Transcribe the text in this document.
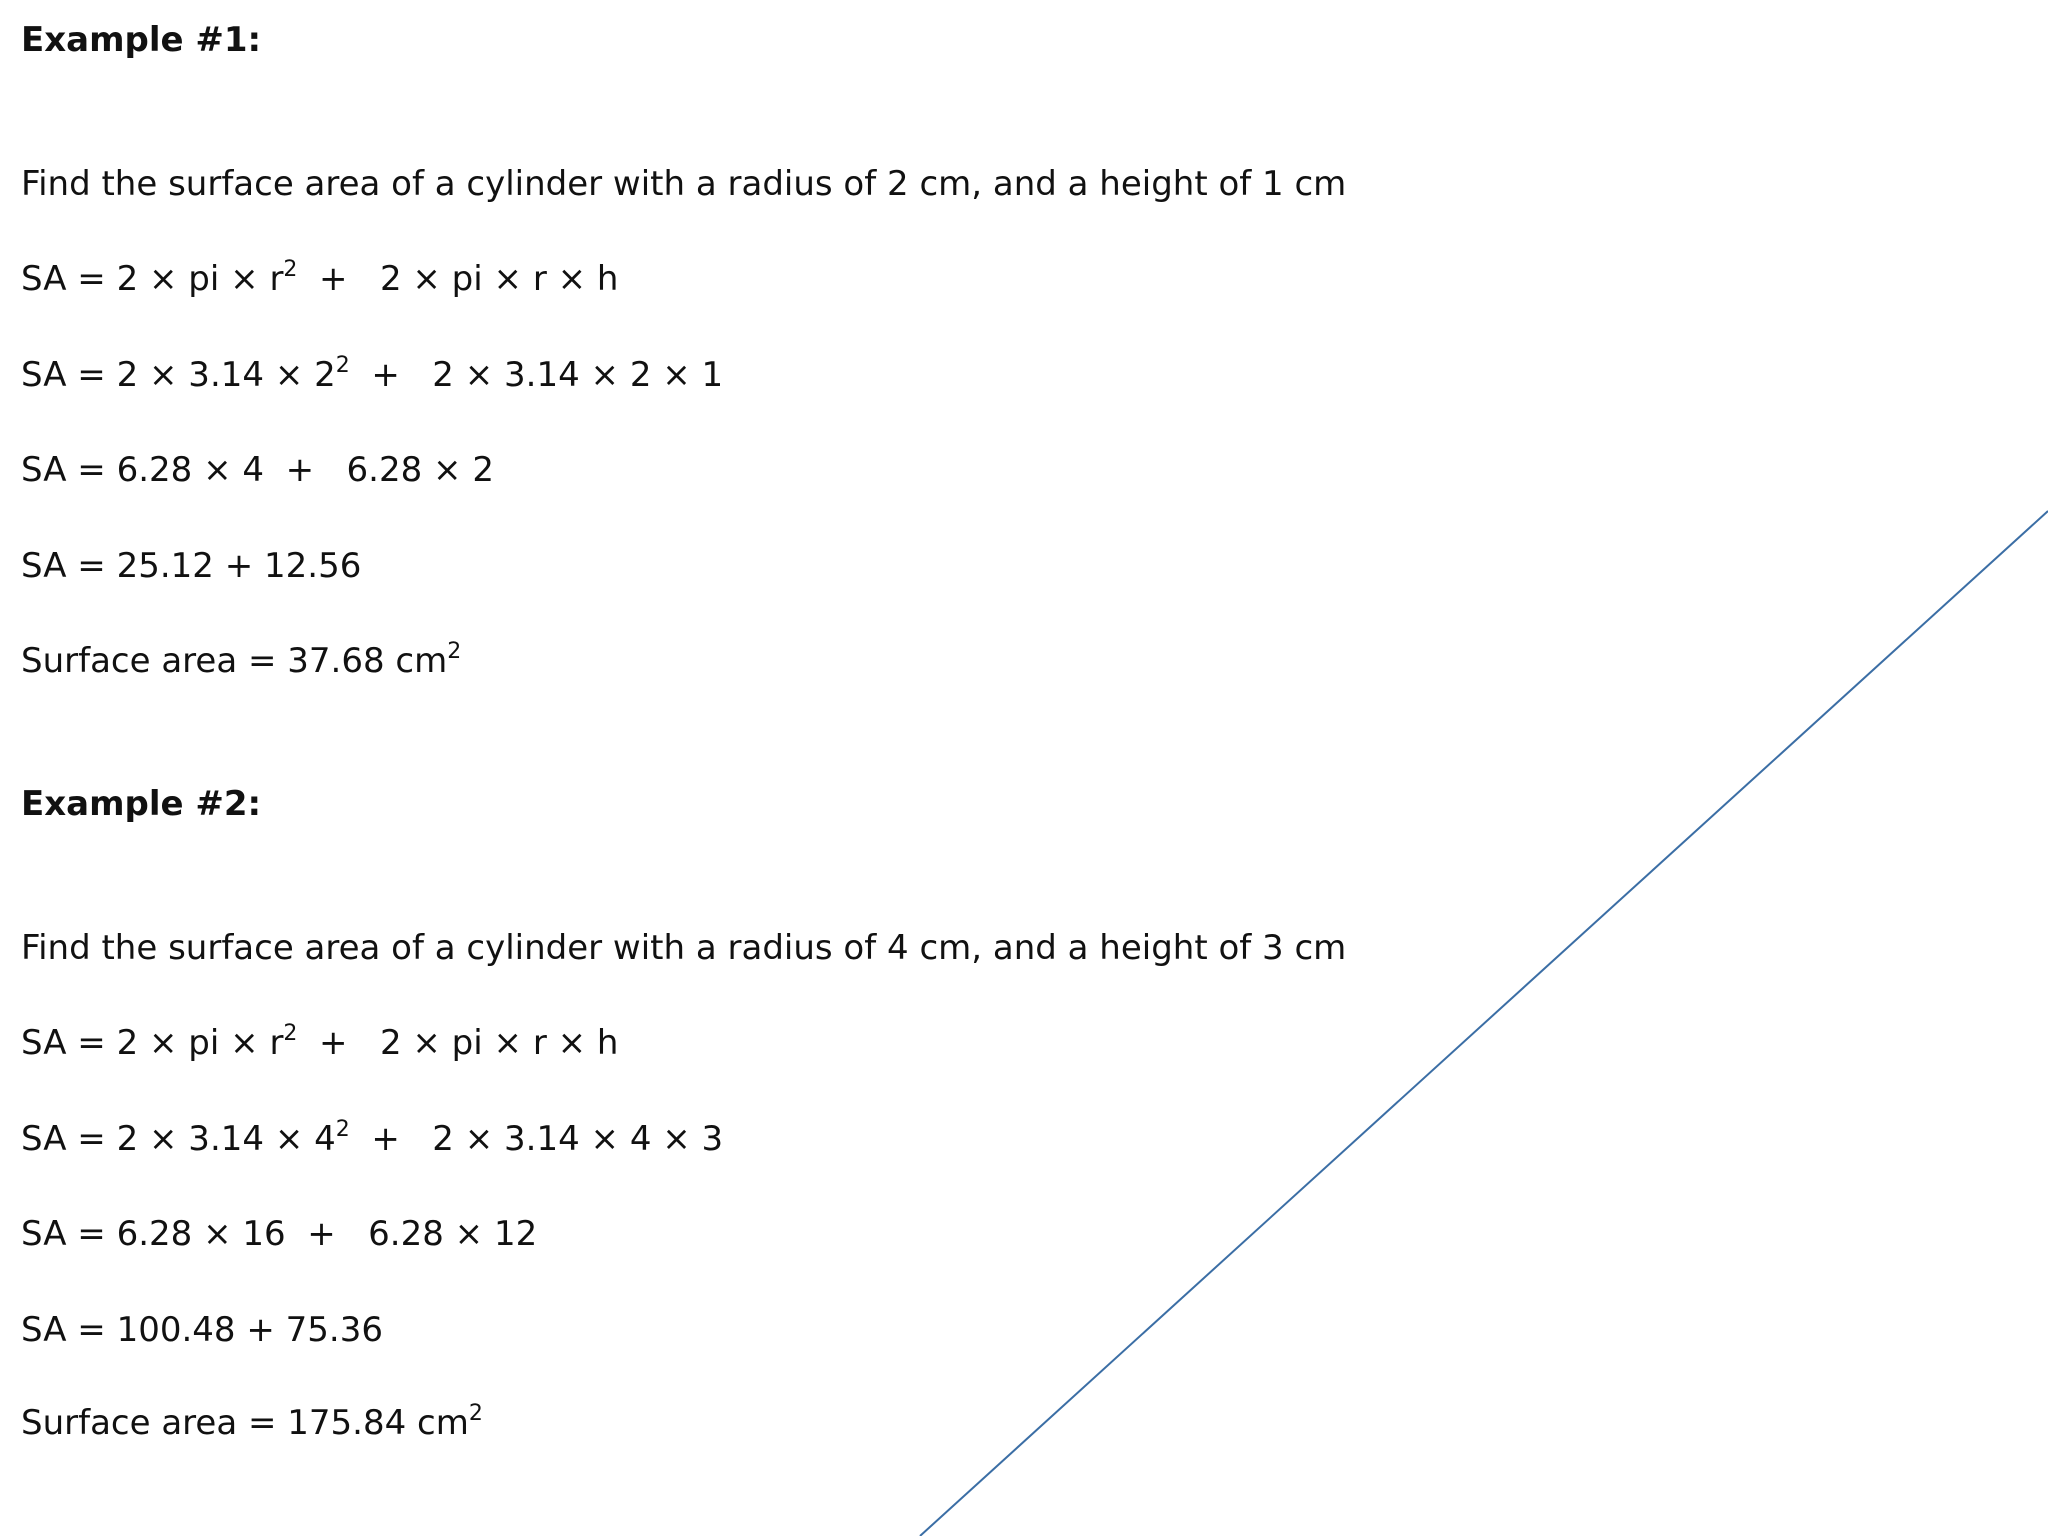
Example #1:
Find the surface area of a cylinder with a radius of 2 cm, and a height of 1 cm
SA = 2 × pi × $r^2 + 2$ × pi × r × h
SA = $2 \times 3.14 \times 2^2 + 2 \times 3.14 \times 2 \times 1$
SA = 6.28 × 4  +   6.28 × 2
SA = 25.12 + 12.56
Surface area = 37.68 $cm^2$
Example #2:
Find the surface area of a cylinder with a radius of 4 cm, and a height of 3 cm
SA = 2 × pi × $r^2 + 2$ × pi × r × h
SA = $2 \times 3.14 \times 4^2 + 2 \times 3.14 \times 4 \times 3$
SA = 6.28 × 16  +   6.28 × 12
SA = 100.48 + 75.36
Surface area = 175.84 $cm^2$
